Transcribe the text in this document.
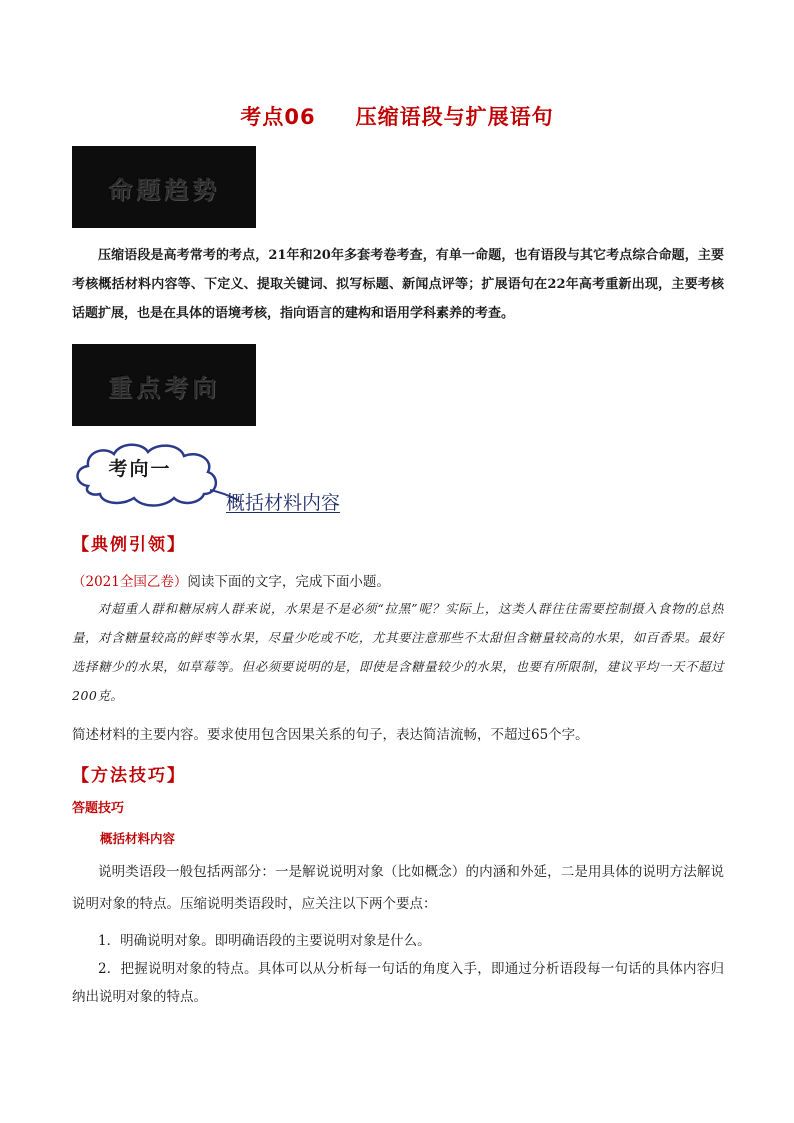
考点06 压缩语段与扩展语句
命题趋势
压缩语段是高考常考的考点，21年和20年多套考卷考查，有单一命题，也有语段与其它考点综合命题，主要考核概括材料内容等、下定义、提取关键词、拟写标题、新闻点评等；扩展语句在22年高考重新出现，主要考核话题扩展，也是在具体的语境考核，指向语言的建构和语用学科素养的考查。
重点考向
考向一
概括材料内容
【典例引领】
（2021全国乙卷）阅读下面的文字，完成下面小题。
对超重人群和糖尿病人群来说，水果是不是必须“拉黑”呢？实际上，这类人群往往需要控制摄入食物的总热量，对含糖量较高的鲜枣等水果，尽量少吃或不吃，尤其要注意那些不太甜但含糖量较高的水果，如百香果。最好选择糖少的水果，如草莓等。但必须要说明的是，即使是含糖量较少的水果，也要有所限制，建议平均一天不超过200克。
简述材料的主要内容。要求使用包含因果关系的句子，表达简洁流畅，不超过65个字。
【方法技巧】
答题技巧
概括材料内容
说明类语段一般包括两部分：一是解说说明对象（比如概念）的内涵和外延，二是用具体的说明方法解说说明对象的特点。压缩说明类语段时，应关注以下两个要点：
1．明确说明对象。即明确语段的主要说明对象是什么。
2．把握说明对象的特点。具体可以从分析每一句话的角度入手，即通过分析语段每一句话的具体内容归纳出说明对象的特点。
